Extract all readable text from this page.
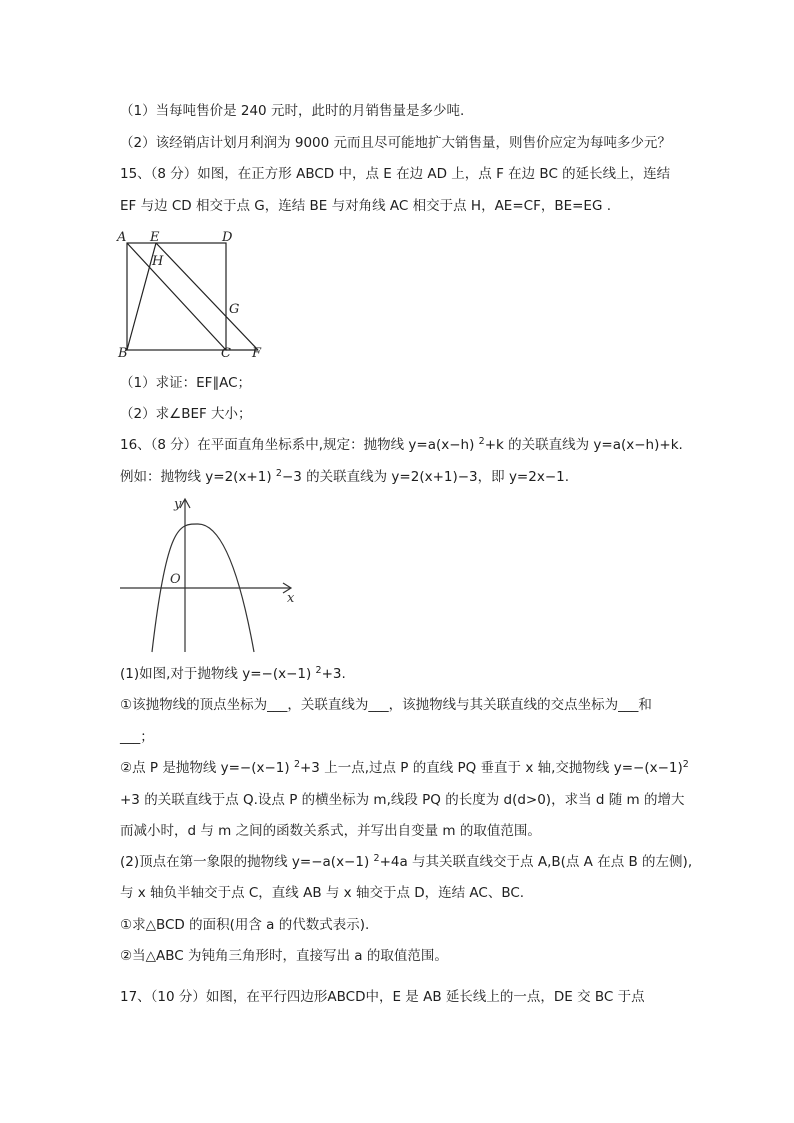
（1）当每吨售价是 240 元时，此时的月销售量是多少吨.
（2）该经销店计划月利润为 9000 元而且尽可能地扩大销售量，则售价应定为每吨多少元？
15、（8 分）如图，在正方形 ABCD 中，点 E 在边 AD 上，点 F 在边 BC 的延长线上，连结
EF 与边 CD 相交于点 G，连结 BE 与对角线 AC 相交于点 H，AE=CF，BE=EG .
A E	D
H
G
B	C F
（1）求证：EF∥AC；
（2）求∠BEF 大小；
16、（8 分）在平面直角坐标系中,规定：抛物线 y=a(x−h) $^2$+k 的关联直线为 y=a(x−h)+k.
例如：抛物线 y=2(x+1) $^2$−3 的关联直线为 y=2(x+1)−3，即 y=2x−1.
y
O
x
(1)如图,对于抛物线 y=−(x−1) $^2$+3.
①该抛物线的顶点坐标为___，关联直线为___，该抛物线与其关联直线的交点坐标为___和
___；
②点 P 是抛物线 y=−(x−1) $^2$+3 上一点,过点 P 的直线 PQ 垂直于 x 轴,交抛物线 $y=-(x-1)^2$
+3 的关联直线于点 Q.设点 P 的横坐标为 m,线段 PQ 的长度为 d(d>0)，求当 d 随 m 的增大
而减小时，d 与 m 之间的函数关系式，并写出自变量 m 的取值范围。
(2)顶点在第一象限的抛物线 y=−a(x−1) $^2$+4a 与其关联直线交于点 A,B(点 A 在点 B 的左侧),
与 x 轴负半轴交于点 C，直线 AB 与 x 轴交于点 D，连结 AC、BC.
①求△BCD 的面积(用含 a 的代数式表示).
②当△ABC 为钝角三角形时，直接写出 a 的取值范围。
17、（10 分）如图，在平行四边形ABCD中，E 是 AB 延长线上的一点，DE 交 BC 于点
